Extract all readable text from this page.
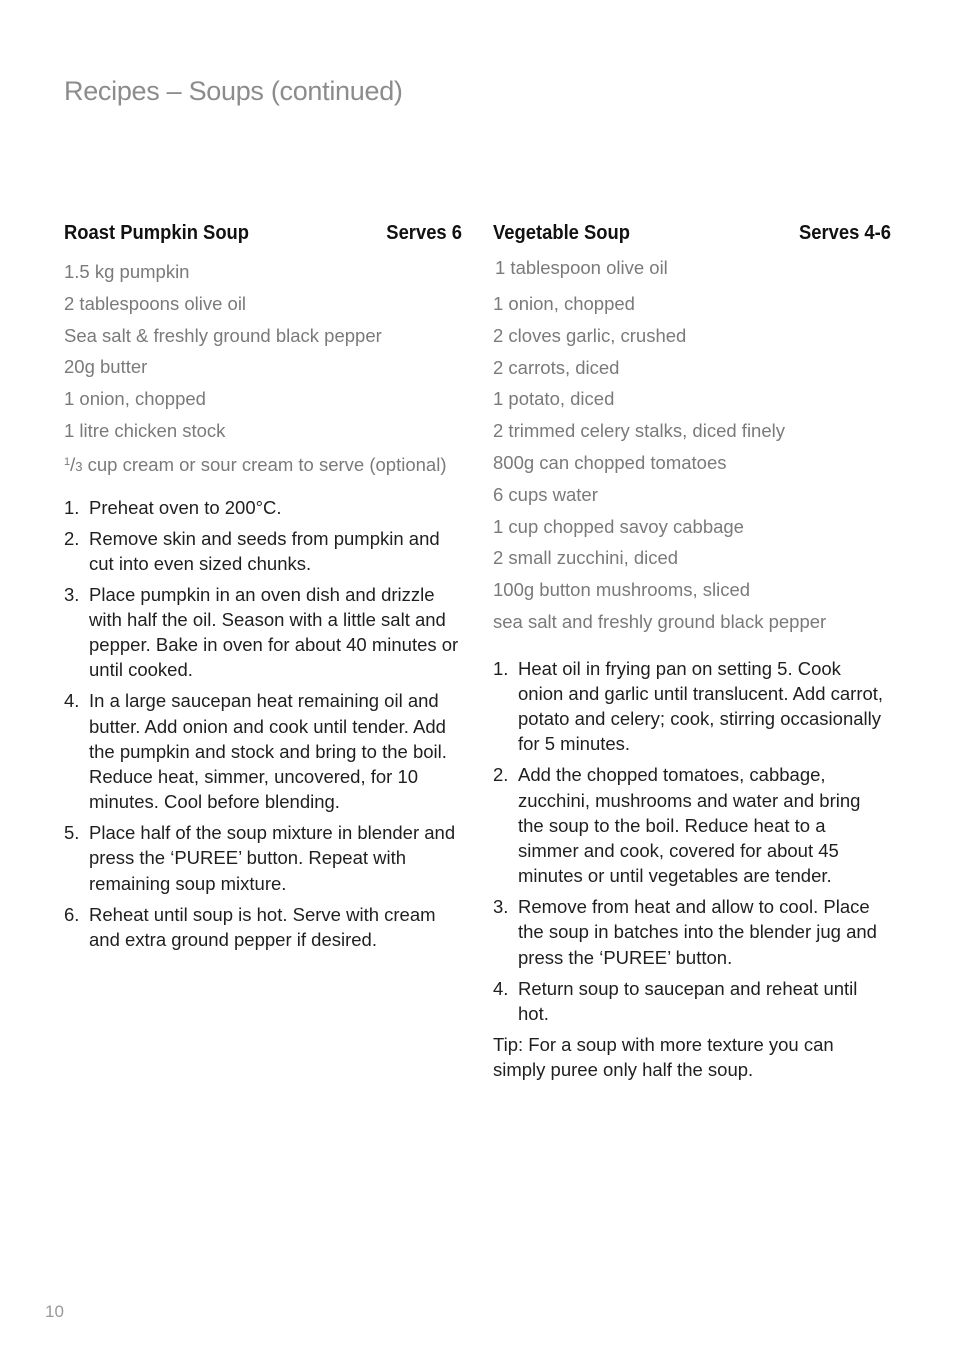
Recipes – Soups (continued)
Roast Pumpkin Soup	Serves 6
1.5 kg pumpkin
2 tablespoons olive oil
Sea salt & freshly ground black pepper
20g butter
1 onion, chopped
1 litre chicken stock
$^1$/3 cup cream or sour cream to serve (optional)
1. Preheat oven to 200°C.
2. Remove skin and seeds from pumpkin and cut into even sized chunks.
3. Place pumpkin in an oven dish and drizzle with half the oil. Season with a little salt and pepper. Bake in oven for about 40 minutes or until cooked.
4. In a large saucepan heat remaining oil and butter. Add onion and cook until tender. Add the pumpkin and stock and bring to the boil. Reduce heat, simmer, uncovered, for 10 minutes. Cool before blending.
5. Place half of the soup mixture in blender and press the ‘PUREE’ button. Repeat with remaining soup mixture.
6. Reheat until soup is hot. Serve with cream and extra ground pepper if desired.
Vegetable Soup	Serves 4-6
1 tablespoon olive oil
1 onion, chopped
2 cloves garlic, crushed
2 carrots, diced
1 potato, diced
2 trimmed celery stalks, diced finely
800g can chopped tomatoes
6 cups water
1 cup chopped savoy cabbage
2 small zucchini, diced
100g button mushrooms, sliced
sea salt and freshly ground black pepper
1. Heat oil in frying pan on setting 5. Cook onion and garlic until translucent. Add carrot, potato and celery; cook, stirring occasionally for 5 minutes.
2. Add the chopped tomatoes, cabbage, zucchini, mushrooms and water and bring the soup to the boil. Reduce heat to a simmer and cook, covered for about 45 minutes or until vegetables are tender.
3. Remove from heat and allow to cool. Place the soup in batches into the blender jug and press the ‘PUREE’ button.
4. Return soup to saucepan and reheat until hot.

Tip: For a soup with more texture you can simply puree only half the soup.

10
